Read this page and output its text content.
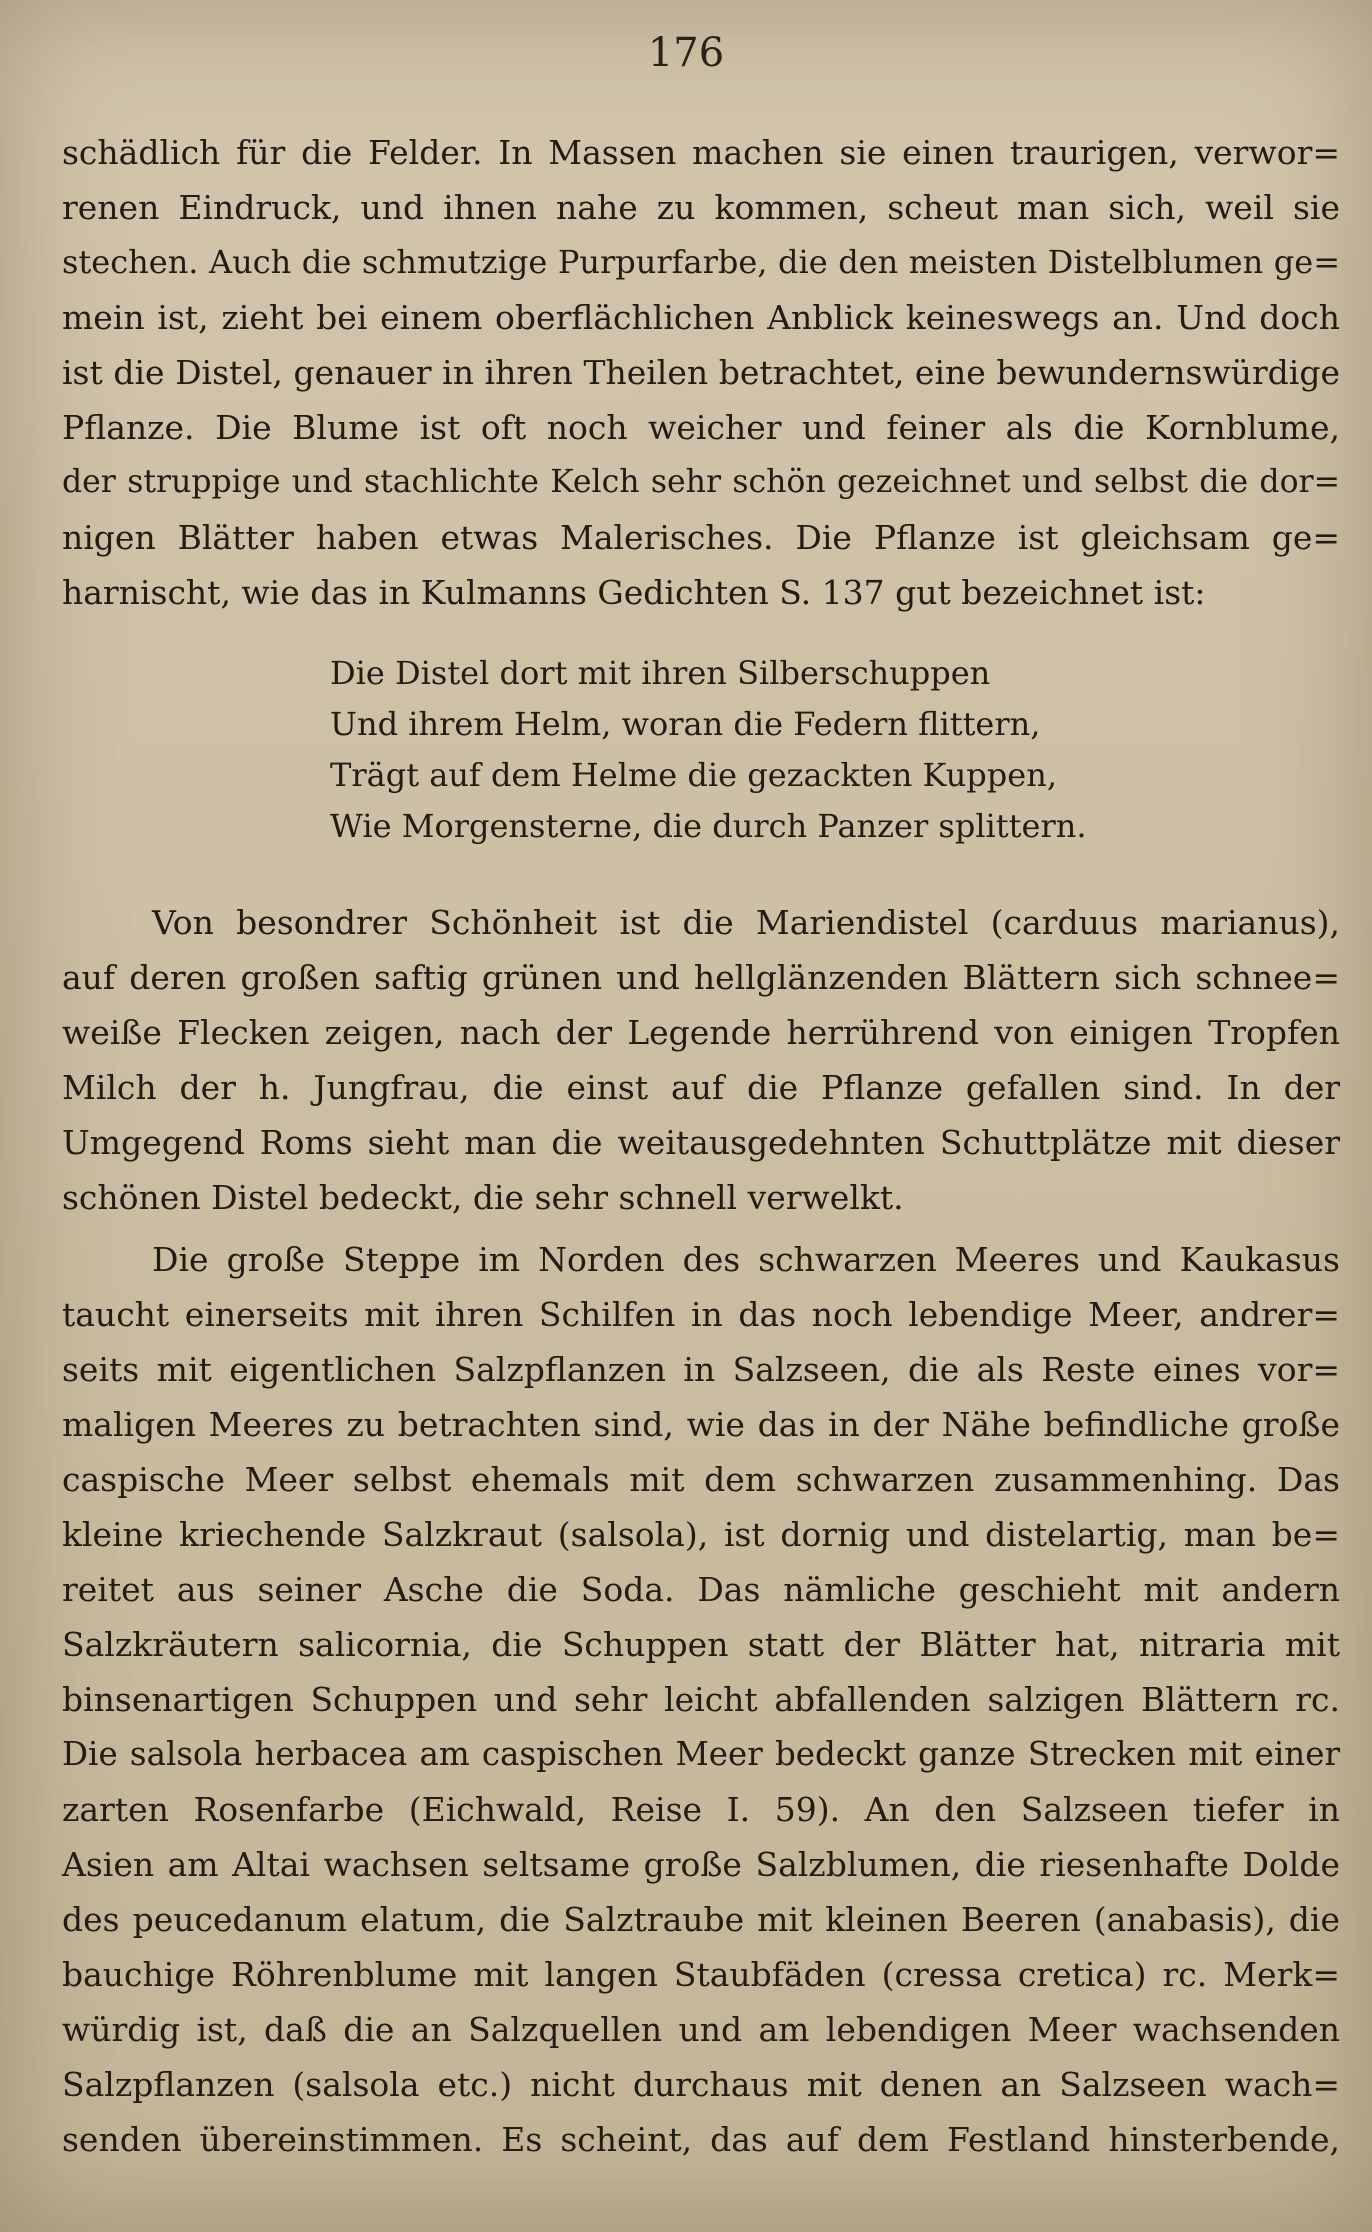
176
schädlich für die Felder. In Massen machen sie einen traurigen, verwor=
renen Eindruck, und ihnen nahe zu kommen, scheut man sich, weil sie
stechen. Auch die schmutzige Purpurfarbe, die den meisten Distelblumen ge=
mein ist, zieht bei einem oberflächlichen Anblick keineswegs an. Und doch
ist die Distel, genauer in ihren Theilen betrachtet, eine bewundernswürdige
Pflanze. Die Blume ist oft noch weicher und feiner als die Kornblume,
der struppige und stachlichte Kelch sehr schön gezeichnet und selbst die dor=
nigen Blätter haben etwas Malerisches. Die Pflanze ist gleichsam ge=
harnischt, wie das in Kulmanns Gedichten S. 137 gut bezeichnet ist:
Die Distel dort mit ihren Silberschuppen
Und ihrem Helm, woran die Federn flittern,
Trägt auf dem Helme die gezackten Kuppen,
Wie Morgensterne, die durch Panzer splittern.
Von besondrer Schönheit ist die Mariendistel (carduus marianus),
auf deren großen saftig grünen und hellglänzenden Blättern sich schnee=
weiße Flecken zeigen, nach der Legende herrührend von einigen Tropfen
Milch der h. Jungfrau, die einst auf die Pflanze gefallen sind. In der
Umgegend Roms sieht man die weitausgedehnten Schuttplätze mit dieser
schönen Distel bedeckt, die sehr schnell verwelkt.
Die große Steppe im Norden des schwarzen Meeres und Kaukasus
taucht einerseits mit ihren Schilfen in das noch lebendige Meer, andrer=
seits mit eigentlichen Salzpflanzen in Salzseen, die als Reste eines vor=
maligen Meeres zu betrachten sind, wie das in der Nähe befindliche große
caspische Meer selbst ehemals mit dem schwarzen zusammenhing. Das
kleine kriechende Salzkraut (salsola), ist dornig und distelartig, man be=
reitet aus seiner Asche die Soda. Das nämliche geschieht mit andern
Salzkräutern salicornia, die Schuppen statt der Blätter hat, nitraria mit
binsenartigen Schuppen und sehr leicht abfallenden salzigen Blättern rc.
Die salsola herbacea am caspischen Meer bedeckt ganze Strecken mit einer
zarten Rosenfarbe (Eichwald, Reise I. 59). An den Salzseen tiefer in
Asien am Altai wachsen seltsame große Salzblumen, die riesenhafte Dolde
des peucedanum elatum, die Salztraube mit kleinen Beeren (anabasis), die
bauchige Röhrenblume mit langen Staubfäden (cressa cretica) rc. Merk=
würdig ist, daß die an Salzquellen und am lebendigen Meer wachsenden
Salzpflanzen (salsola etc.) nicht durchaus mit denen an Salzseen wach=
senden übereinstimmen. Es scheint, das auf dem Festland hinsterbende,
